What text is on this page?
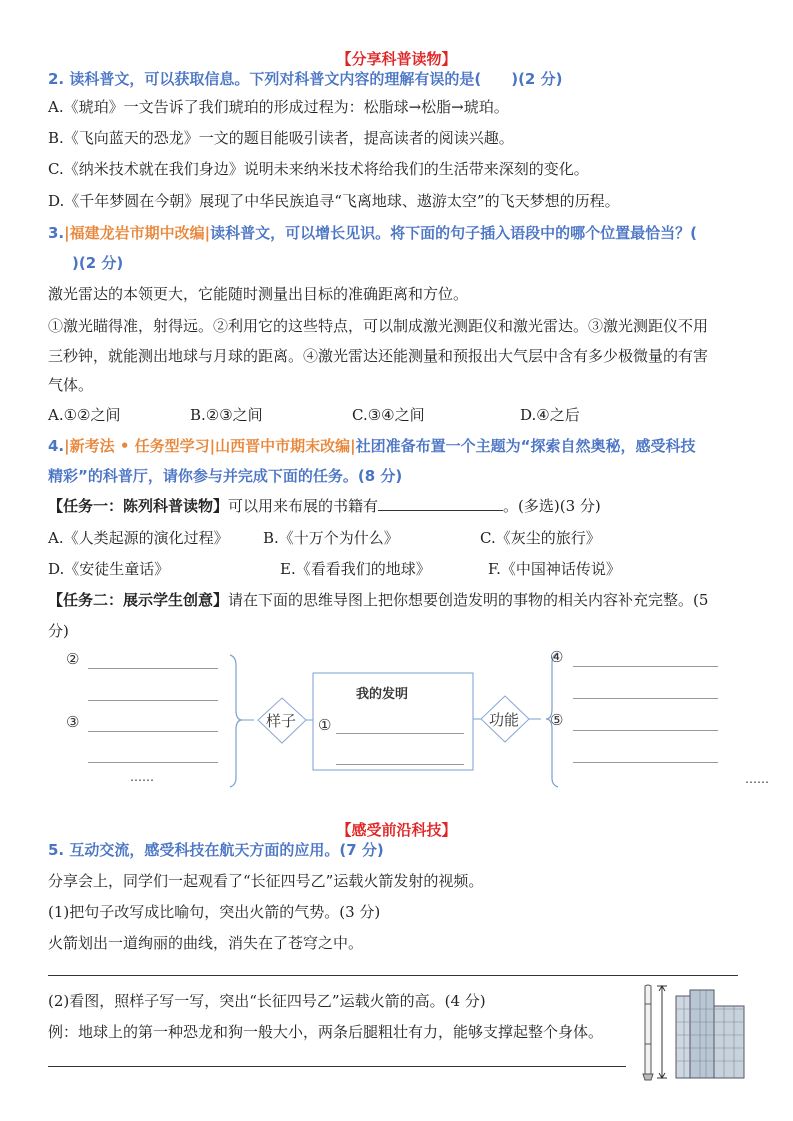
【分享科普读物】
2. 读科普文，可以获取信息。下列对科普文内容的理解有误的是(　　)(2 分)
A.《琥珀》一文告诉了我们琥珀的形成过程为：松脂球→松脂→琥珀。
B.《飞向蓝天的恐龙》一文的题目能吸引读者，提高读者的阅读兴趣。
C.《纳米技术就在我们身边》说明未来纳米技术将给我们的生活带来深刻的变化。
D.《千年梦圆在今朝》展现了中华民族追寻“飞离地球、遨游太空”的飞天梦想的历程。
3.|福建龙岩市期中改编|读科普文，可以增长见识。将下面的句子插入语段中的哪个位置最恰当？(
)(2 分)
激光雷达的本领更大，它能随时测量出目标的准确距离和方位。
①激光瞄得准，射得远。②利用它的这些特点，可以制成激光测距仪和激光雷达。③激光测距仪不用
三秒钟，就能测出地球与月球的距离。④激光雷达还能测量和预报出大气层中含有多少极微量的有害
气体。
A.①②之间	B.②③之间	C.③④之间	D.④之后
4.|新考法 • 任务型学习|山西晋中市期末改编|社团准备布置一个主题为“探索自然奥秘，感受科技
精彩”的科普厅，请你参与并完成下面的任务。(8 分)
【任务一：陈列科普读物】可以用来布展的书籍有	。(多选)(3 分)
A.《人类起源的演化过程》 B.《十万个为什么》	C.《灰尘的旅行》
D.《安徒生童话》	E.《看看我们的地球》	F.《中国神话传说》
【任务二：展示学生创意】请在下面的思维导图上把你想要创造发明的事物的相关内容补充完整。(5
分)
②
③
……
样子
我的发明
①	功能
④
⑤
……
【感受前沿科技】
5. 互动交流，感受科技在航天方面的应用。(7 分)
分享会上，同学们一起观看了“长征四号乙”运载火箭发射的视频。
(1)把句子改写成比喻句，突出火箭的气势。(3 分)
火箭划出一道绚丽的曲线，消失在了苍穹之中。
(2)看图，照样子写一写，突出“长征四号乙”运载火箭的高。(4 分)
例：地球上的第一种恐龙和狗一般大小，两条后腿粗壮有力，能够支撑起整个身体。
